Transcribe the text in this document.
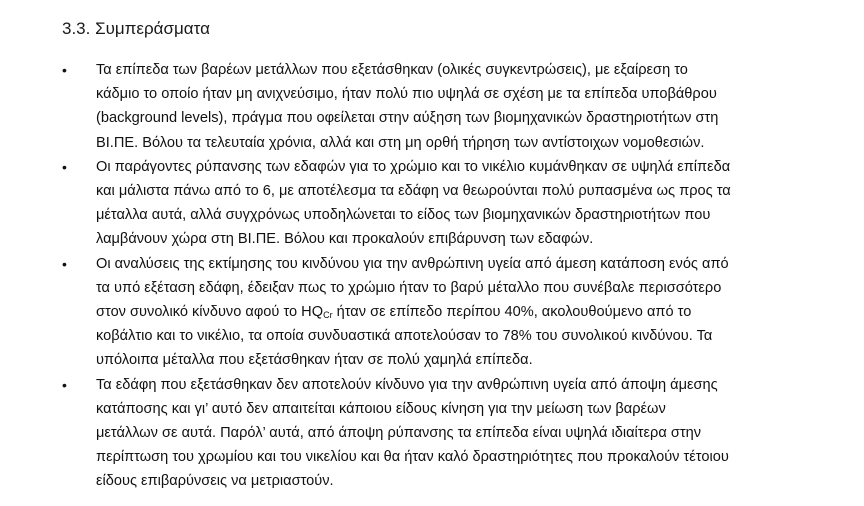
3.3. Συμπεράσματα
• Τα επίπεδα των βαρέων μετάλλων που εξετάσθηκαν (ολικές συγκεντρώσεις), με εξαίρεση το
κάδμιο το οποίο ήταν μη ανιχνεύσιμο, ήταν πολύ πιο υψηλά σε σχέση με τα επίπεδα υποβάθρου
(background levels), πράγμα που οφείλεται στην αύξηση των βιομηχανικών δραστηριοτήτων στη
ΒΙ.ΠΕ. Βόλου τα τελευταία χρόνια, αλλά και στη μη ορθή τήρηση των αντίστοιχων νομοθεσιών.
• Οι παράγοντες ρύπανσης των εδαφών για το χρώμιο και το νικέλιο κυμάνθηκαν σε υψηλά επίπεδα
και μάλιστα πάνω από το 6, με αποτέλεσμα τα εδάφη να θεωρούνται πολύ ρυπασμένα ως προς τα
μέταλλα αυτά, αλλά συγχρόνως υποδηλώνεται το είδος των βιομηχανικών δραστηριοτήτων που
λαμβάνουν χώρα στη ΒΙ.ΠΕ. Βόλου και προκαλούν επιβάρυνση των εδαφών.
• Οι αναλύσεις της εκτίμησης του κινδύνου για την ανθρώπινη υγεία από άμεση κατάποση ενός από
τα υπό εξέταση εδάφη, έδειξαν πως το χρώμιο ήταν το βαρύ μέταλλο που συνέβαλε περισσότερο
στον συνολικό κίνδυνο αφού το $HQ_{Cr}$ ήταν σε επίπεδο περίπου 40%, ακολουθούμενο από το
κοβάλτιο και το νικέλιο, τα οποία συνδυαστικά αποτελούσαν το 78% του συνολικού κινδύνου. Τα
υπόλοιπα μέταλλα που εξετάσθηκαν ήταν σε πολύ χαμηλά επίπεδα.
• Τα εδάφη που εξετάσθηκαν δεν αποτελούν κίνδυνο για την ανθρώπινη υγεία από άποψη άμεσης
κατάποσης και γι’ αυτό δεν απαιτείται κάποιου είδους κίνηση για την μείωση των βαρέων
μετάλλων σε αυτά. Παρόλ’ αυτά, από άποψη ρύπανσης τα επίπεδα είναι υψηλά ιδιαίτερα στην
περίπτωση του χρωμίου και του νικελίου και θα ήταν καλό δραστηριότητες που προκαλούν τέτοιου
είδους επιβαρύνσεις να μετριαστούν.
